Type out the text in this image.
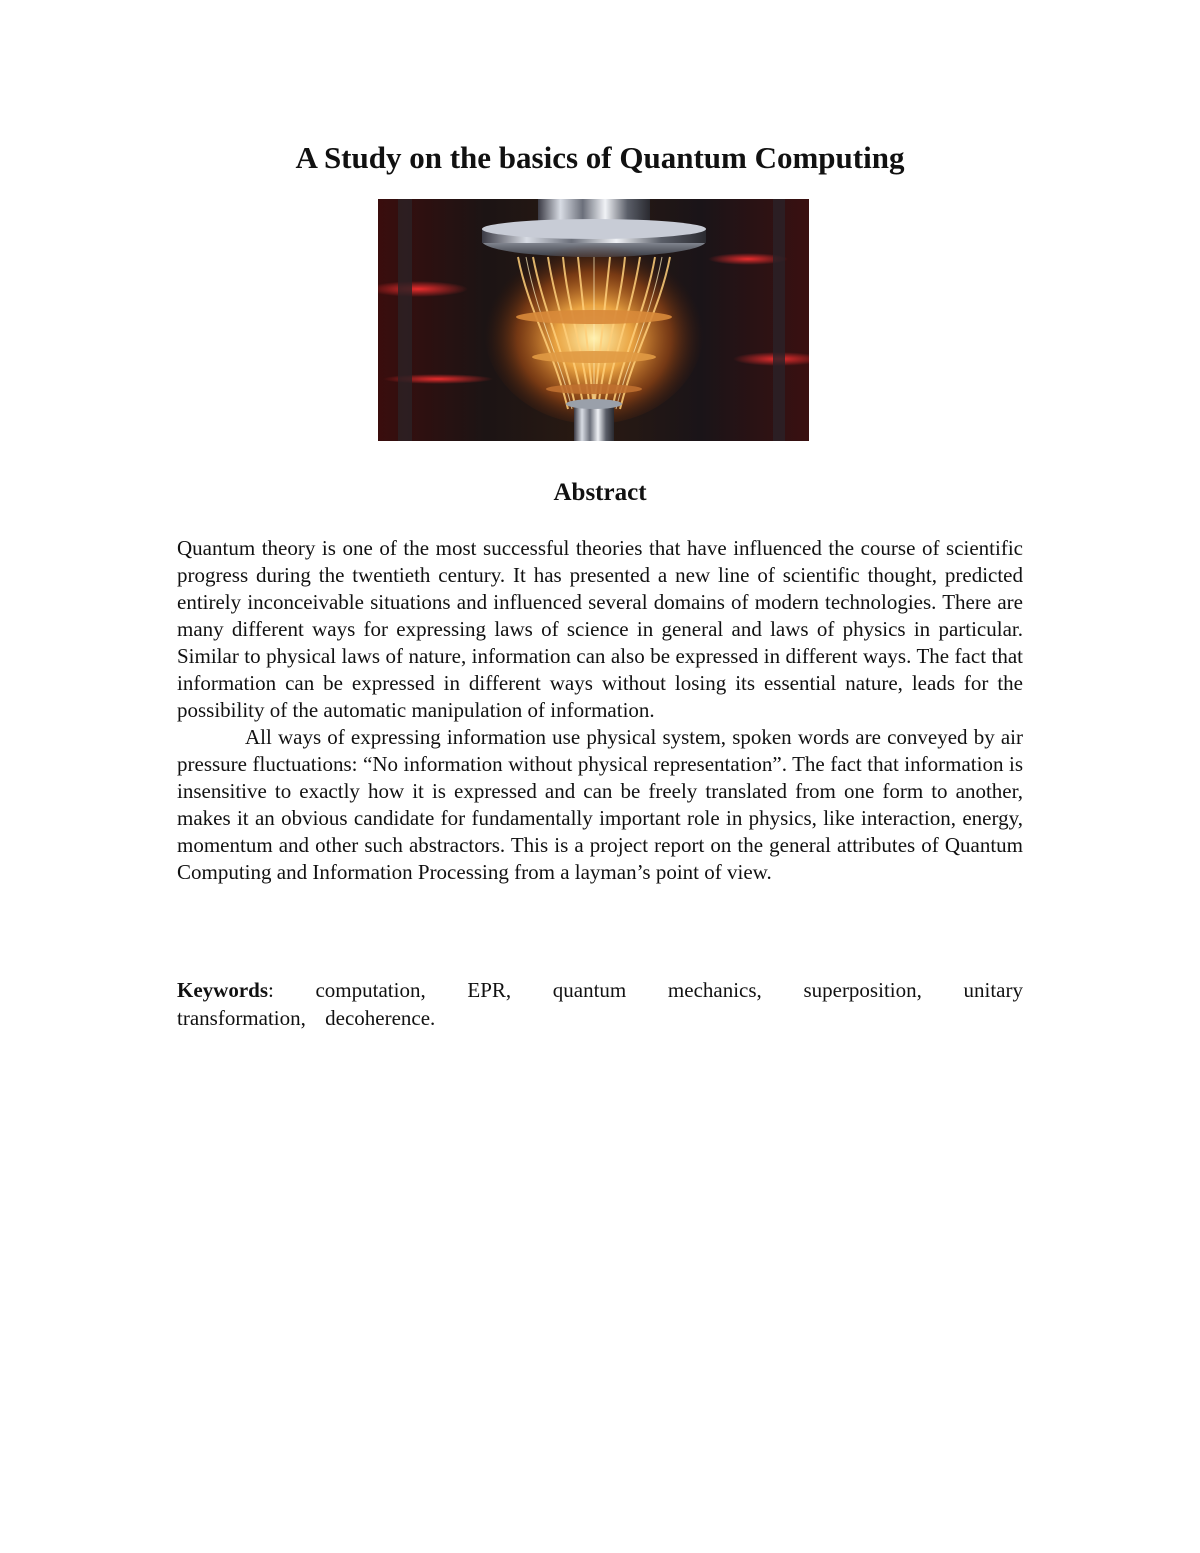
A Study on the basics of Quantum Computing
Abstract

Quantum theory is one of the most successful theories that have influenced the course of scientific progress during the twentieth century. It has presented a new line of scientific thought, predicted entirely inconceivable situations and influenced several domains of modern technologies. There are many different ways for expressing laws of science in general and laws of physics in particular. Similar to physical laws of nature, information can also be expressed in different ways. The fact that information can be expressed in different ways without losing its essential nature, leads for the possibility of the automatic manipulation of information.

All ways of expressing information use physical system, spoken words are conveyed by air pressure fluctuations: “No information without physical representation”. The fact that information is insensitive to exactly how it is expressed and can be freely translated from one form to another, makes it an obvious candidate for fundamentally important role in physics, like interaction, energy, momentum and other such abstractors. This is a project report on the general attributes of Quantum Computing and Information Processing from a layman’s point of view.

Keywords: computation, EPR, quantum mechanics, superposition, unitary transformation, decoherence.
